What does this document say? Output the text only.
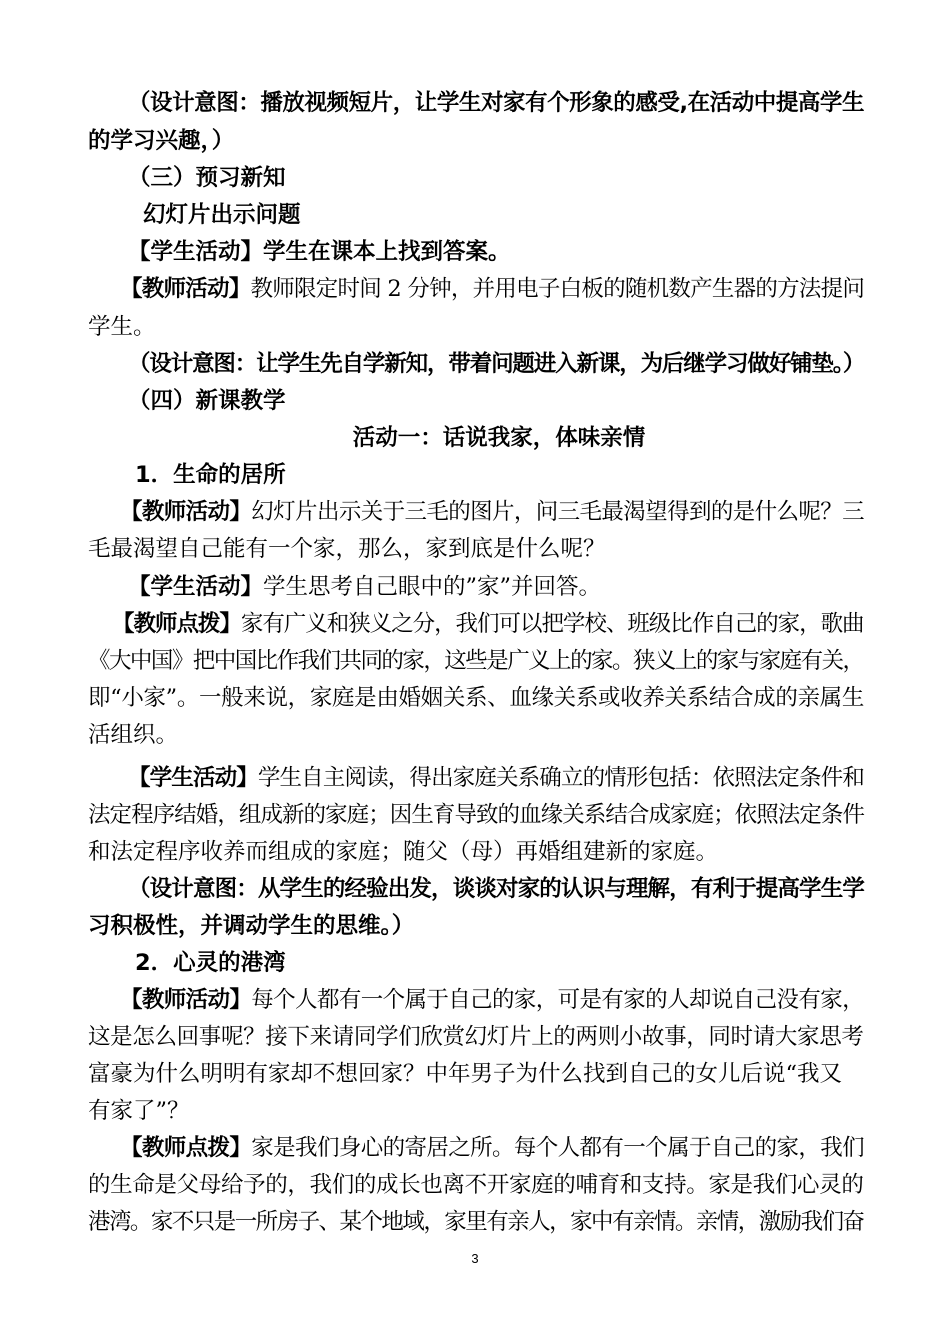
（设计意图：播放视频短片，让学生对家有个形象的感受,在活动中提高学生
的学习兴趣，）
（三）预习新知
幻灯片出示问题
【学生活动】学生在课本上找到答案。
【教师活动】教师限定时间 2 分钟，并用电子白板的随机数产生器的方法提问
学生。
（设计意图：让学生先自学新知，带着问题进入新课，为后继学习做好铺垫。）
（四）新课教学
活动一：话说我家，体味亲情
1．生命的居所
【教师活动】幻灯片出示关于三毛的图片，问三毛最渴望得到的是什么呢？三
毛最渴望自己能有一个家，那么，家到底是什么呢？
【学生活动】学生思考自己眼中的”家”并回答。
【教师点拨】家有广义和狭义之分，我们可以把学校、班级比作自己的家，歌曲
《大中国》把中国比作我们共同的家，这些是广义上的家。狭义上的家与家庭有关，
即“小家”。一般来说，家庭是由婚姻关系、血缘关系或收养关系结合成的亲属生
活组织。
【学生活动】学生自主阅读，得出家庭关系确立的情形包括：依照法定条件和
法定程序结婚，组成新的家庭；因生育导致的血缘关系结合成家庭；依照法定条件
和法定程序收养而组成的家庭；随父（母）再婚组建新的家庭。
（设计意图：从学生的经验出发，谈谈对家的认识与理解，有利于提高学生学
习积极性，并调动学生的思维。）
2．心灵的港湾
【教师活动】每个人都有一个属于自己的家，可是有家的人却说自己没有家，
这是怎么回事呢？接下来请同学们欣赏幻灯片上的两则小故事，同时请大家思考
富豪为什么明明有家却不想回家？中年男子为什么找到自己的女儿后说“我又
有家了”？
【教师点拨】家是我们身心的寄居之所。每个人都有一个属于自己的家，我们
的生命是父母给予的，我们的成长也离不开家庭的哺育和支持。家是我们心灵的
港湾。家不只是一所房子、某个地域，家里有亲人，家中有亲情。亲情，激励我们奋
3
